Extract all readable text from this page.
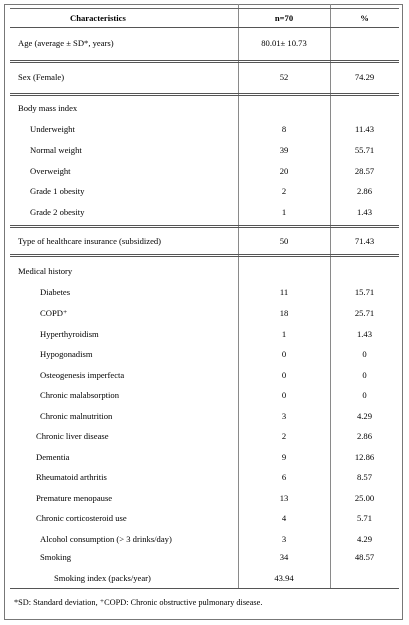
Characteristics	n=70	%
Age (average ± SD*, years)	80.01± 10.73
Sex (Female)	52	74.29
Body mass index
Underweight	8	11.43
Normal weight	39	55.71
Overweight	20	28.57
Grade 1 obesity	2	2.86
Grade 2 obesity	1	1.43
Type of healthcare insurance (subsidized)	50	71.43
Medical history
Diabetes	11	15.71
COPD⁺	18	25.71
Hyperthyroidism	1	1.43
Hypogonadism	0	0
Osteogenesis imperfecta	0	0
Chronic malabsorption	0	0
Chronic malnutrition	3	4.29
Chronic liver disease	2	2.86
Dementia	9	12.86
Rheumatoid arthritis	6	8.57
Premature menopause	13	25.00
Chronic corticosteroid use	4	5.71
Alcohol consumption (> 3 drinks/day)	3	4.29
Smoking	34	48.57
Smoking index (packs/year)	43.94
*SD: Standard deviation, ⁺COPD: Chronic obstructive pulmonary disease.
